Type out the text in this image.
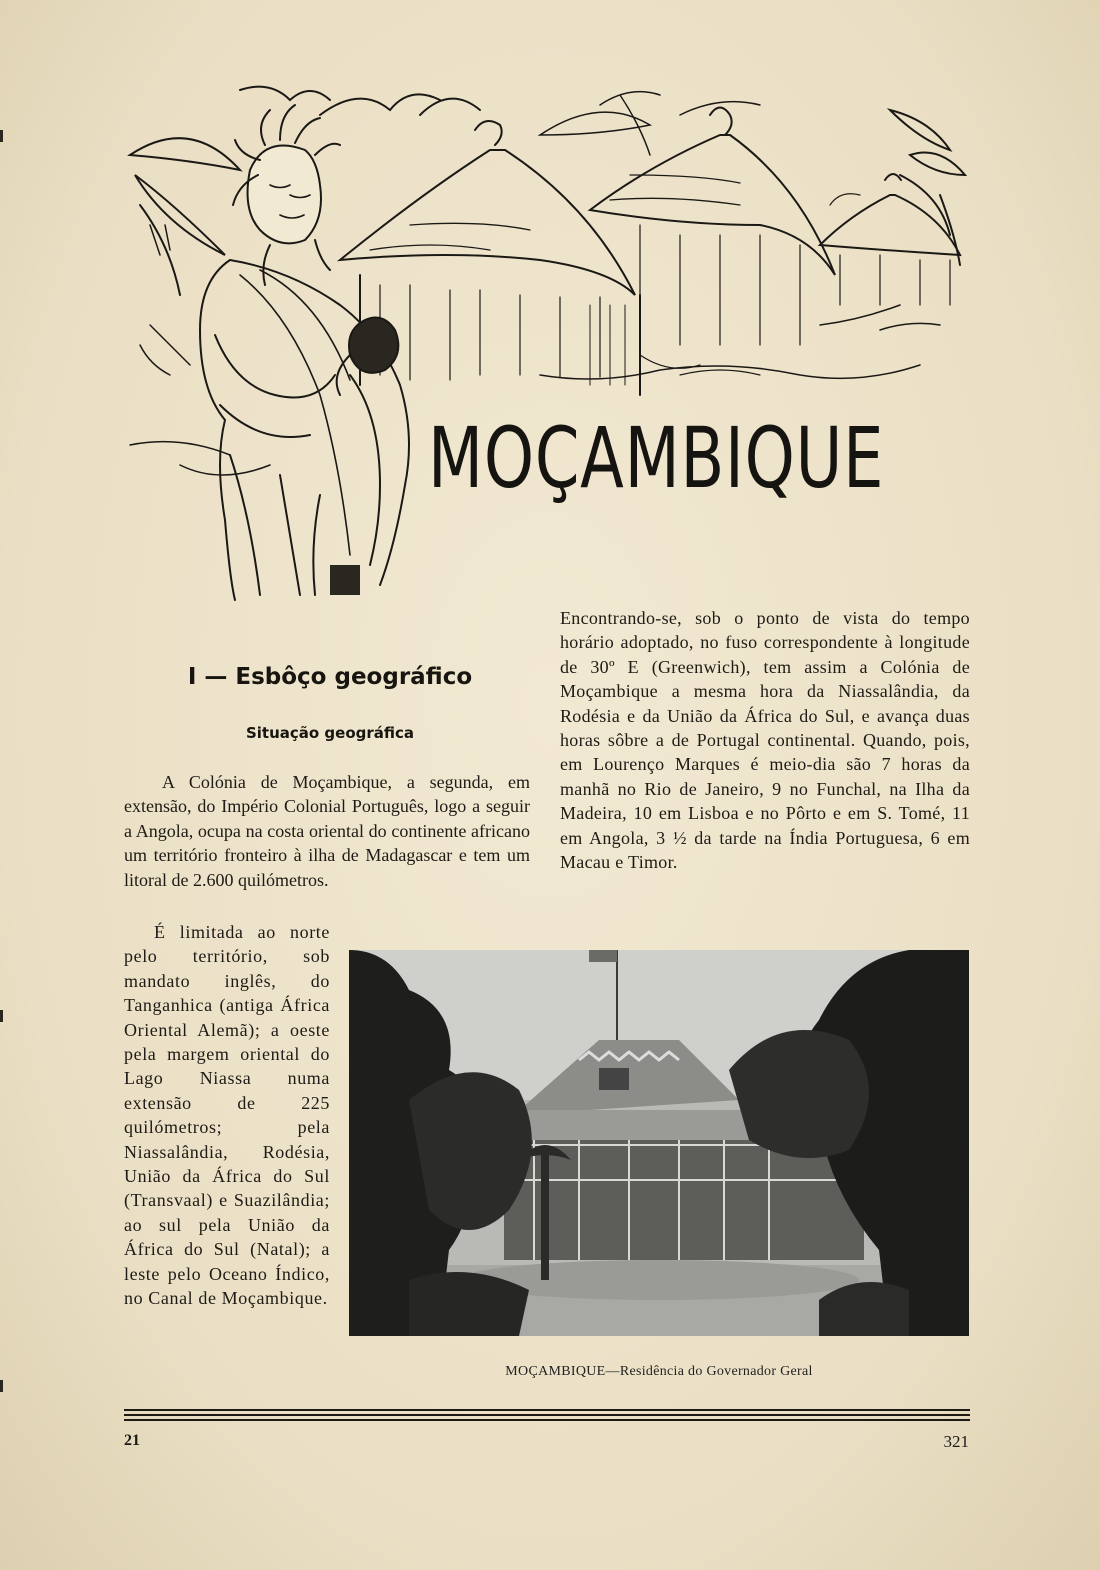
MOÇAMBIQUE
I — Esbôço geográfico
Situação geográfica
A Colónia de Moçambique, a segunda, em extensão, do Império Colonial Português, logo a seguir a Angola, ocupa na costa oriental do continente africano um território fronteiro à ilha de Madagascar e tem um litoral de 2.600 quilómetros.
É limitada ao norte pelo território, sob mandato inglês, do Tanganhica (antiga África Oriental Alemã); a oeste pela margem oriental do Lago Niassa numa extensão de 225 quilómetros; pela Niassalândia, Rodésia, União da África do Sul (Transvaal) e Suazilândia; ao sul pela União da África do Sul (Natal); a leste pelo Oceano Índico, no Canal de Moçambique.
Encontrando-se, sob o ponto de vista do tempo horário adoptado, no fuso correspondente à longitude de 30º E (Greenwich), tem assim a Colónia de Moçambique a mesma hora da Niassalândia, da Rodésia e da União da África do Sul, e avança duas horas sôbre a de Portugal continental. Quando, pois, em Lourenço Marques é meio-dia são 7 horas da manhã no Rio de Janeiro, 9 no Funchal, na Ilha da Madeira, 10 em Lisboa e no Pôrto e em S. Tomé, 11 em Angola, 3 ½ da tarde na Índia Portuguesa, 6 em Macau e Timor.
MOÇAMBIQUE—Residência do Governador Geral
21	321
